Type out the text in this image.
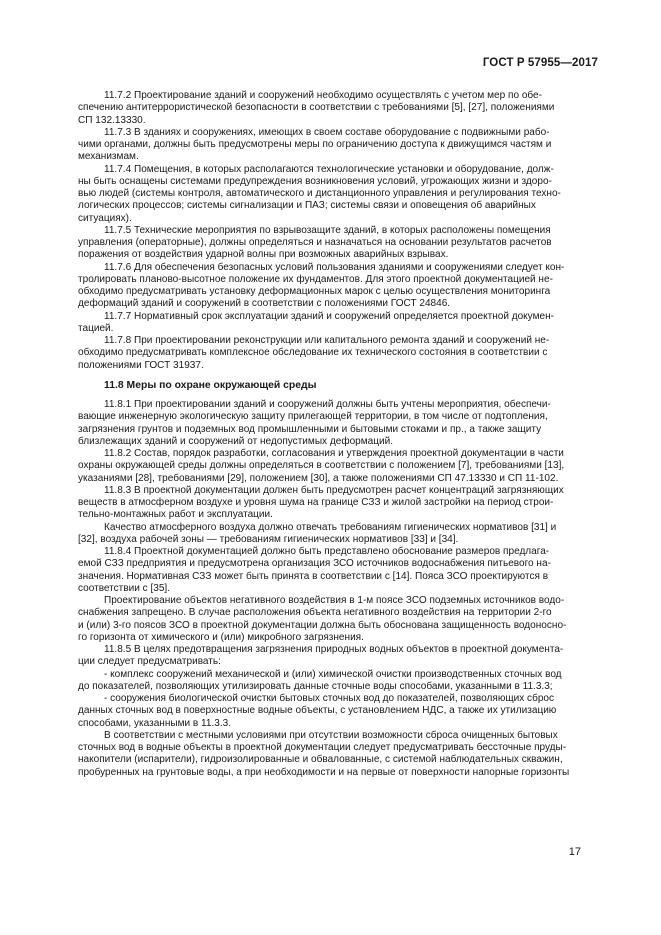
ГОСТ Р 57955—2017

11.7.2 Проектирование зданий и сооружений необходимо осуществлять с учетом мер по обе-
спечению антитеррористической безопасности в соответствии с требованиями [5], [27], положениями
СП 132.13330.

11.7.3 В зданиях и сооружениях, имеющих в своем составе оборудование с подвижными рабо-
чими органами, должны быть предусмотрены меры по ограничению доступа к движущимся частям и
механизмам.

11.7.4 Помещения, в которых располагаются технологические установки и оборудование, долж-
ны быть оснащены системами предупреждения возникновения условий, угрожающих жизни и здоро-
вью людей (системы контроля, автоматического и дистанционного управления и регулирования техно-
логических процессов; системы сигнализации и ПАЗ; системы связи и оповещения об аварийных
ситуациях).

11.7.5 Технические мероприятия по взрывозащите зданий, в которых расположены помещения
управления (операторные), должны определяться и назначаться на основании результатов расчетов
поражения от воздействия ударной волны при возможных аварийных взрывах.

11.7.6 Для обеспечения безопасных условий пользования зданиями и сооружениями следует кон-
тролировать планово-высотное положение их фундаментов. Для этого проектной документацией не-
обходимо предусматривать установку деформационных марок с целью осуществления мониторинга
деформаций зданий и сооружений в соответствии с положениями ГОСТ 24846.

11.7.7 Нормативный срок эксплуатации зданий и сооружений определяется проектной докумен-
тацией.

11.7.8 При проектировании реконструкции или капитального ремонта зданий и сооружений не-
обходимо предусматривать комплексное обследование их технического состояния в соответствии с
положениями ГОСТ 31937.

11.8 Меры по охране окружающей среды

11.8.1 При проектировании зданий и сооружений должны быть учтены мероприятия, обеспечи-
вающие инженерную экологическую защиту прилегающей территории, в том числе от подтопления,
загрязнения грунтов и подземных вод промышленными и бытовыми стоками и пр., а также защиту
близлежащих зданий и сооружений от недопустимых деформаций.

11.8.2 Состав, порядок разработки, согласования и утверждения проектной документации в части
охраны окружающей среды должны определяться в соответствии с положением [7], требованиями [13],
указаниями [28], требованиями [29], положением [30], а также положениями СП 47.13330 и СП 11-102.

11.8.3 В проектной документации должен быть предусмотрен расчет концентраций загрязняющих
веществ в атмосферном воздухе и уровня шума на границе СЗЗ и жилой застройки на период строи-
тельно-монтажных работ и эксплуатации.

Качество атмосферного воздуха должно отвечать требованиям гигиенических нормативов [31] и
[32], воздуха рабочей зоны — требованиям гигиенических нормативов [33] и [34].

11.8.4 Проектной документацией должно быть представлено обоснование размеров предлага-
емой СЗЗ предприятия и предусмотрена организация ЗСО источников водоснабжения питьевого на-
значения. Нормативная СЗЗ может быть принята в соответствии с [14]. Пояса ЗСО проектируются в
соответствии с [35].

Проектирование объектов негативного воздействия в 1-м поясе ЗСО подземных источников водо-
снабжения запрещено. В случае расположения объекта негативного воздействия на территории 2-го
и (или) 3-го поясов ЗСО в проектной документации должна быть обоснована защищенность водоносно-
го горизонта от химического и (или) микробного загрязнения.

11.8.5 В целях предотвращения загрязнения природных водных объектов в проектной документа-
ции следует предусматривать:

- комплекс сооружений механической и (или) химической очистки производственных сточных вод
до показателей, позволяющих утилизировать данные сточные воды способами, указанными в 11.3.3;

- сооружения биологической очистки бытовых сточных вод до показателей, позволяющих сброс
данных сточных вод в поверхностные водные объекты, с установлением НДС, а также их утилизацию
способами, указанными в 11.3.3.

В соответствии с местными условиями при отсутствии возможности сброса очищенных бытовых
сточных вод в водные объекты в проектной документации следует предусматривать бессточные пруды-
накопители (испарители), гидроизолированные и обвалованные, с системой наблюдательных скважин,
пробуренных на грунтовые воды, а при необходимости и на первые от поверхности напорные горизонты

17
